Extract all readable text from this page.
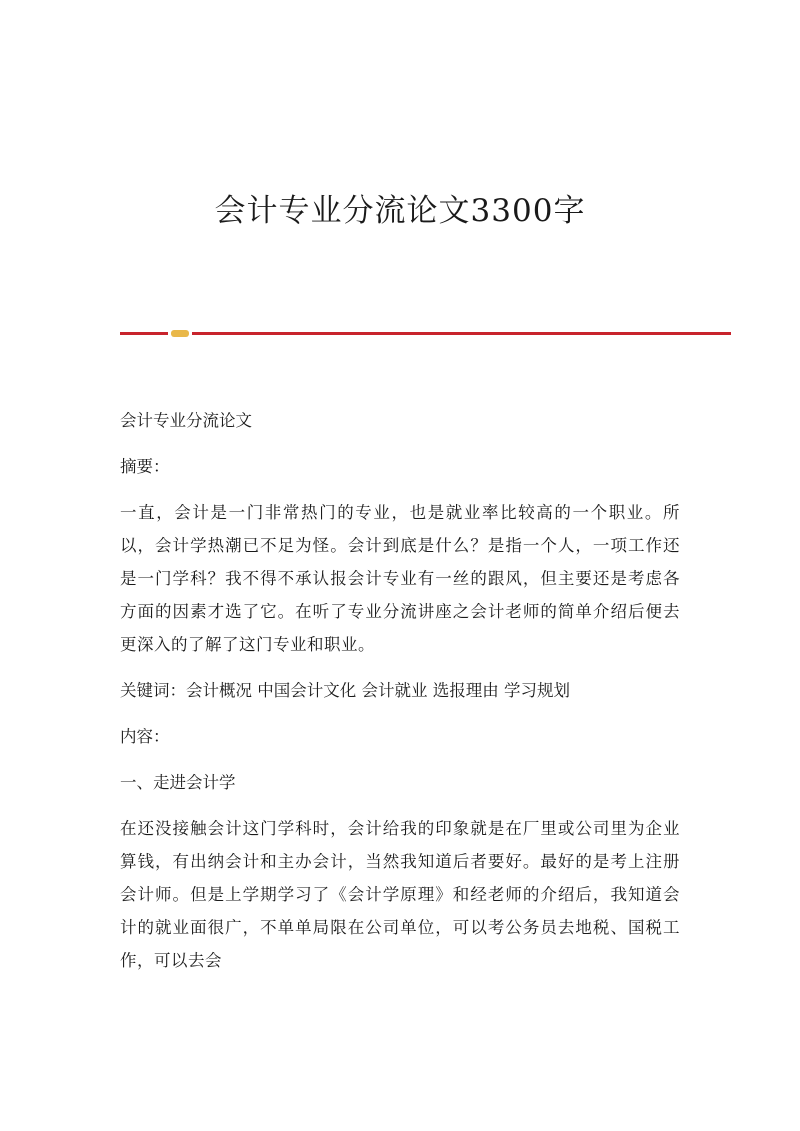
会计专业分流论文3300字

会计专业分流论文

摘要：

一直，会计是一门非常热门的专业，也是就业率比较高的一个职业。所以，会计学热潮已不足为怪。会计到底是什么？是指一个人，一项工作还是一门学科？我不得不承认报会计专业有一丝的跟风，但主要还是考虑各方面的因素才选了它。在听了专业分流讲座之会计老师的简单介绍后便去更深入的了解了这门专业和职业。

关键词：会计概况 中国会计文化 会计就业 选报理由 学习规划

内容：

一、走进会计学

在还没接触会计这门学科时，会计给我的印象就是在厂里或公司里为企业算钱，有出纳会计和主办会计，当然我知道后者要好。最好的是考上注册会计师。但是上学期学习了《会计学原理》和经老师的介绍后，我知道会计的就业面很广，不单单局限在公司单位，可以考公务员去地税、国税工作，可以去会
